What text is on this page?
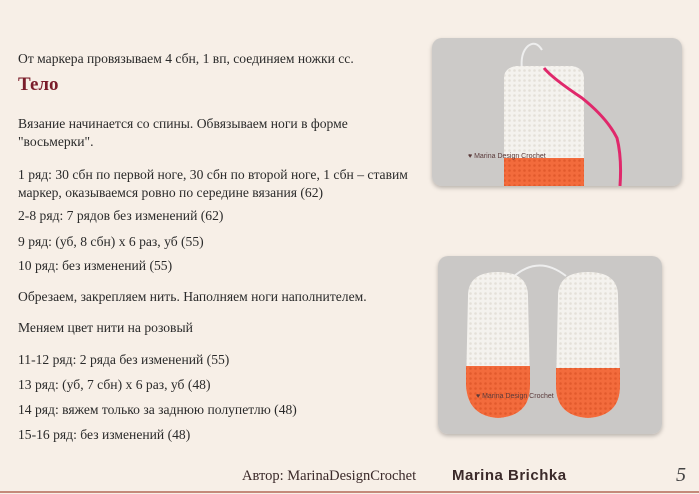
От маркера провязываем 4 сбн, 1 вп, соединяем ножки сс.

Тело

Вязание начинается со спины. Обвязываем ноги в форме "восьмерки".

1 ряд: 30 сбн по первой ноге, 30 сбн по второй ноге, 1 сбн – ставим маркер, оказываемся ровно по середине вязания (62)

2-8 ряд: 7 рядов без изменений (62)

9 ряд: (уб, 8 сбн) х 6 раз, уб (55)

10 ряд: без изменений (55)

Обрезаем, закрепляем нить. Наполняем ноги наполнителем.

Меняем цвет нити на розовый

11-12 ряд: 2 ряда без изменений (55)

13 ряд: (уб, 7 сбн) х 6 раз, уб (48)

14 ряд: вяжем только за заднюю полупетлю (48)

15-16 ряд: без изменений (48)

♥ Marina Design Crochet
♥ Marina Design Crochet
Автор: MarinaDesignCrochet Marina Brichka	5
